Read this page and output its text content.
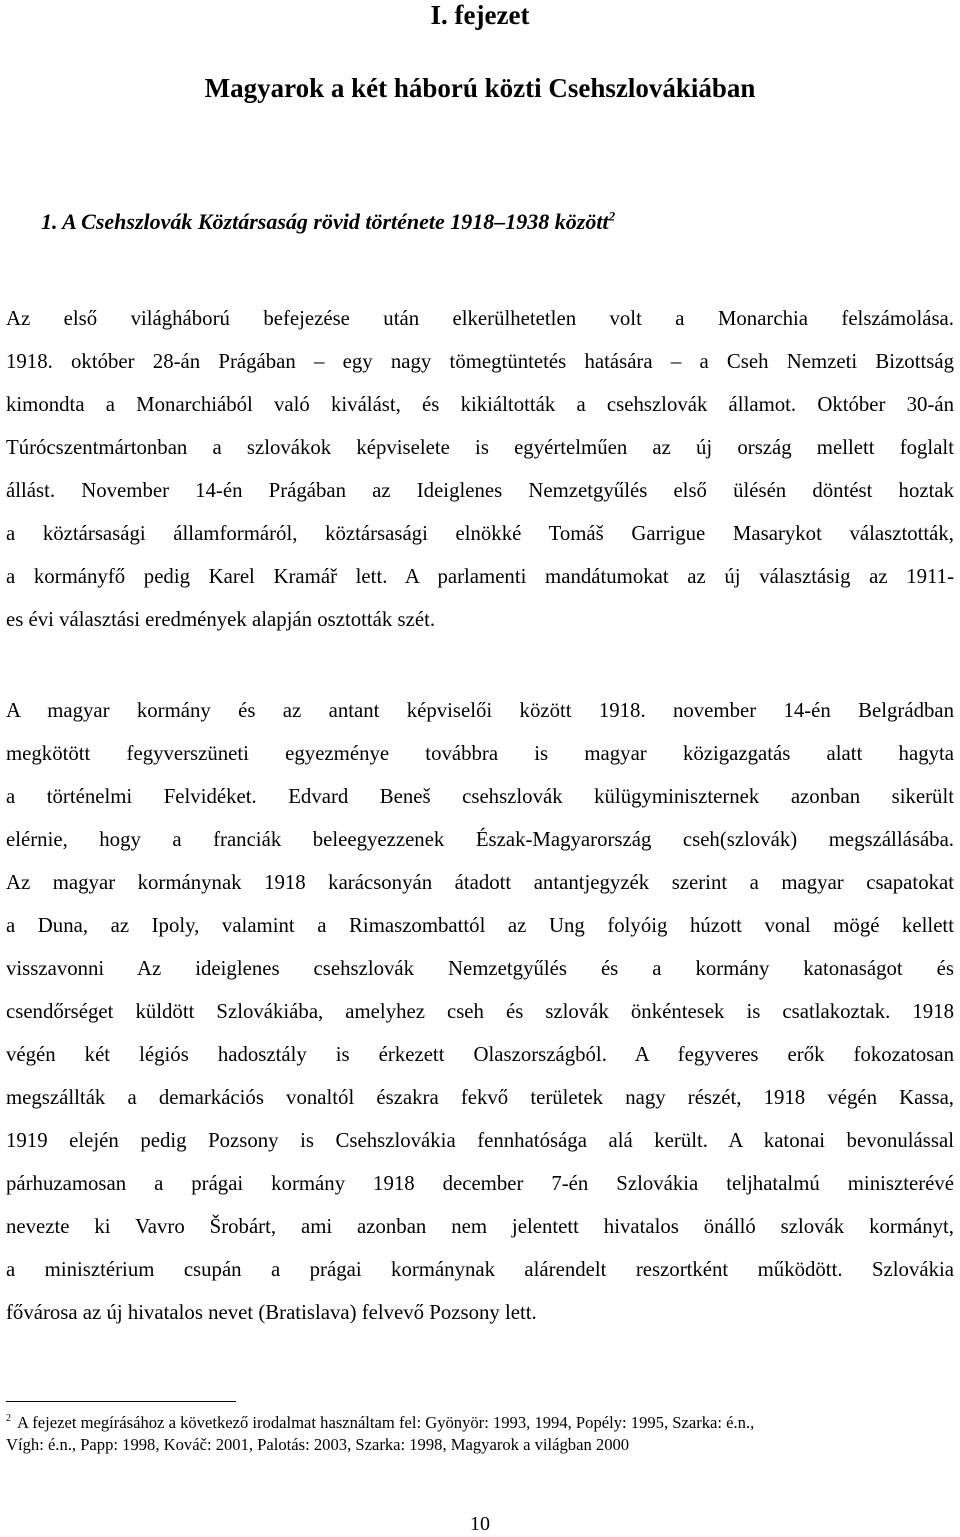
I. fejezet
Magyarok a két háború közti Csehszlovákiában
1. A Csehszlovák Köztársaság rövid története 1918–1938 között$^2$
Az első világháború befejezése után elkerülhetetlen volt a Monarchia felszámolása.
1918. október 28-án Prágában – egy nagy tömegtüntetés hatására – a Cseh Nemzeti Bizottság
kimondta a Monarchiából való kiválást, és kikiáltották a csehszlovák államot. Október 30-án
Túrócszentmártonban a szlovákok képviselete is egyértelműen az új ország mellett foglalt
állást. November 14-én Prágában az Ideiglenes Nemzetgyűlés első ülésén döntést hoztak
a köztársasági államformáról, köztársasági elnökké Tomáš Garrigue Masarykot választották,
a kormányfő pedig Karel Kramář lett. A parlamenti mandátumokat az új választásig az 1911-
es évi választási eredmények alapján osztották szét.
A magyar kormány és az antant képviselői között 1918. november 14-én Belgrádban
megkötött fegyverszüneti egyezménye továbbra is magyar közigazgatás alatt hagyta
a történelmi Felvidéket. Edvard Beneš csehszlovák külügyminiszternek azonban sikerült
elérnie, hogy a franciák beleegyezzenek Észak-Magyarország cseh(szlovák) megszállásába.
Az magyar kormánynak 1918 karácsonyán átadott antantjegyzék szerint a magyar csapatokat
a Duna, az Ipoly, valamint a Rimaszombattól az Ung folyóig húzott vonal mögé kellett
visszavonni Az ideiglenes csehszlovák Nemzetgyűlés és a kormány katonaságot és
csendőrséget küldött Szlovákiába, amelyhez cseh és szlovák önkéntesek is csatlakoztak. 1918
végén két légiós hadosztály is érkezett Olaszországból. A fegyveres erők fokozatosan
megszállták a demarkációs vonaltól északra fekvő területek nagy részét, 1918 végén Kassa,
1919 elején pedig Pozsony is Csehszlovákia fennhatósága alá került. A katonai bevonulással
párhuzamosan a prágai kormány 1918 december 7-én Szlovákia teljhatalmú miniszterévé
nevezte ki Vavro Šrobárt, ami azonban nem jelentett hivatalos önálló szlovák kormányt,
a minisztérium csupán a prágai kormánynak alárendelt reszortként működött. Szlovákia
fővárosa az új hivatalos nevet (Bratislava) felvevő Pozsony lett.
$^2$ A fejezet megírásához a következő irodalmat használtam fel: Gyönyör: 1993, 1994, Popély: 1995, Szarka: é.n.,
Vígh: é.n., Papp: 1998, Kováč: 2001, Palotás: 2003, Szarka: 1998, Magyarok a világban 2000
10
